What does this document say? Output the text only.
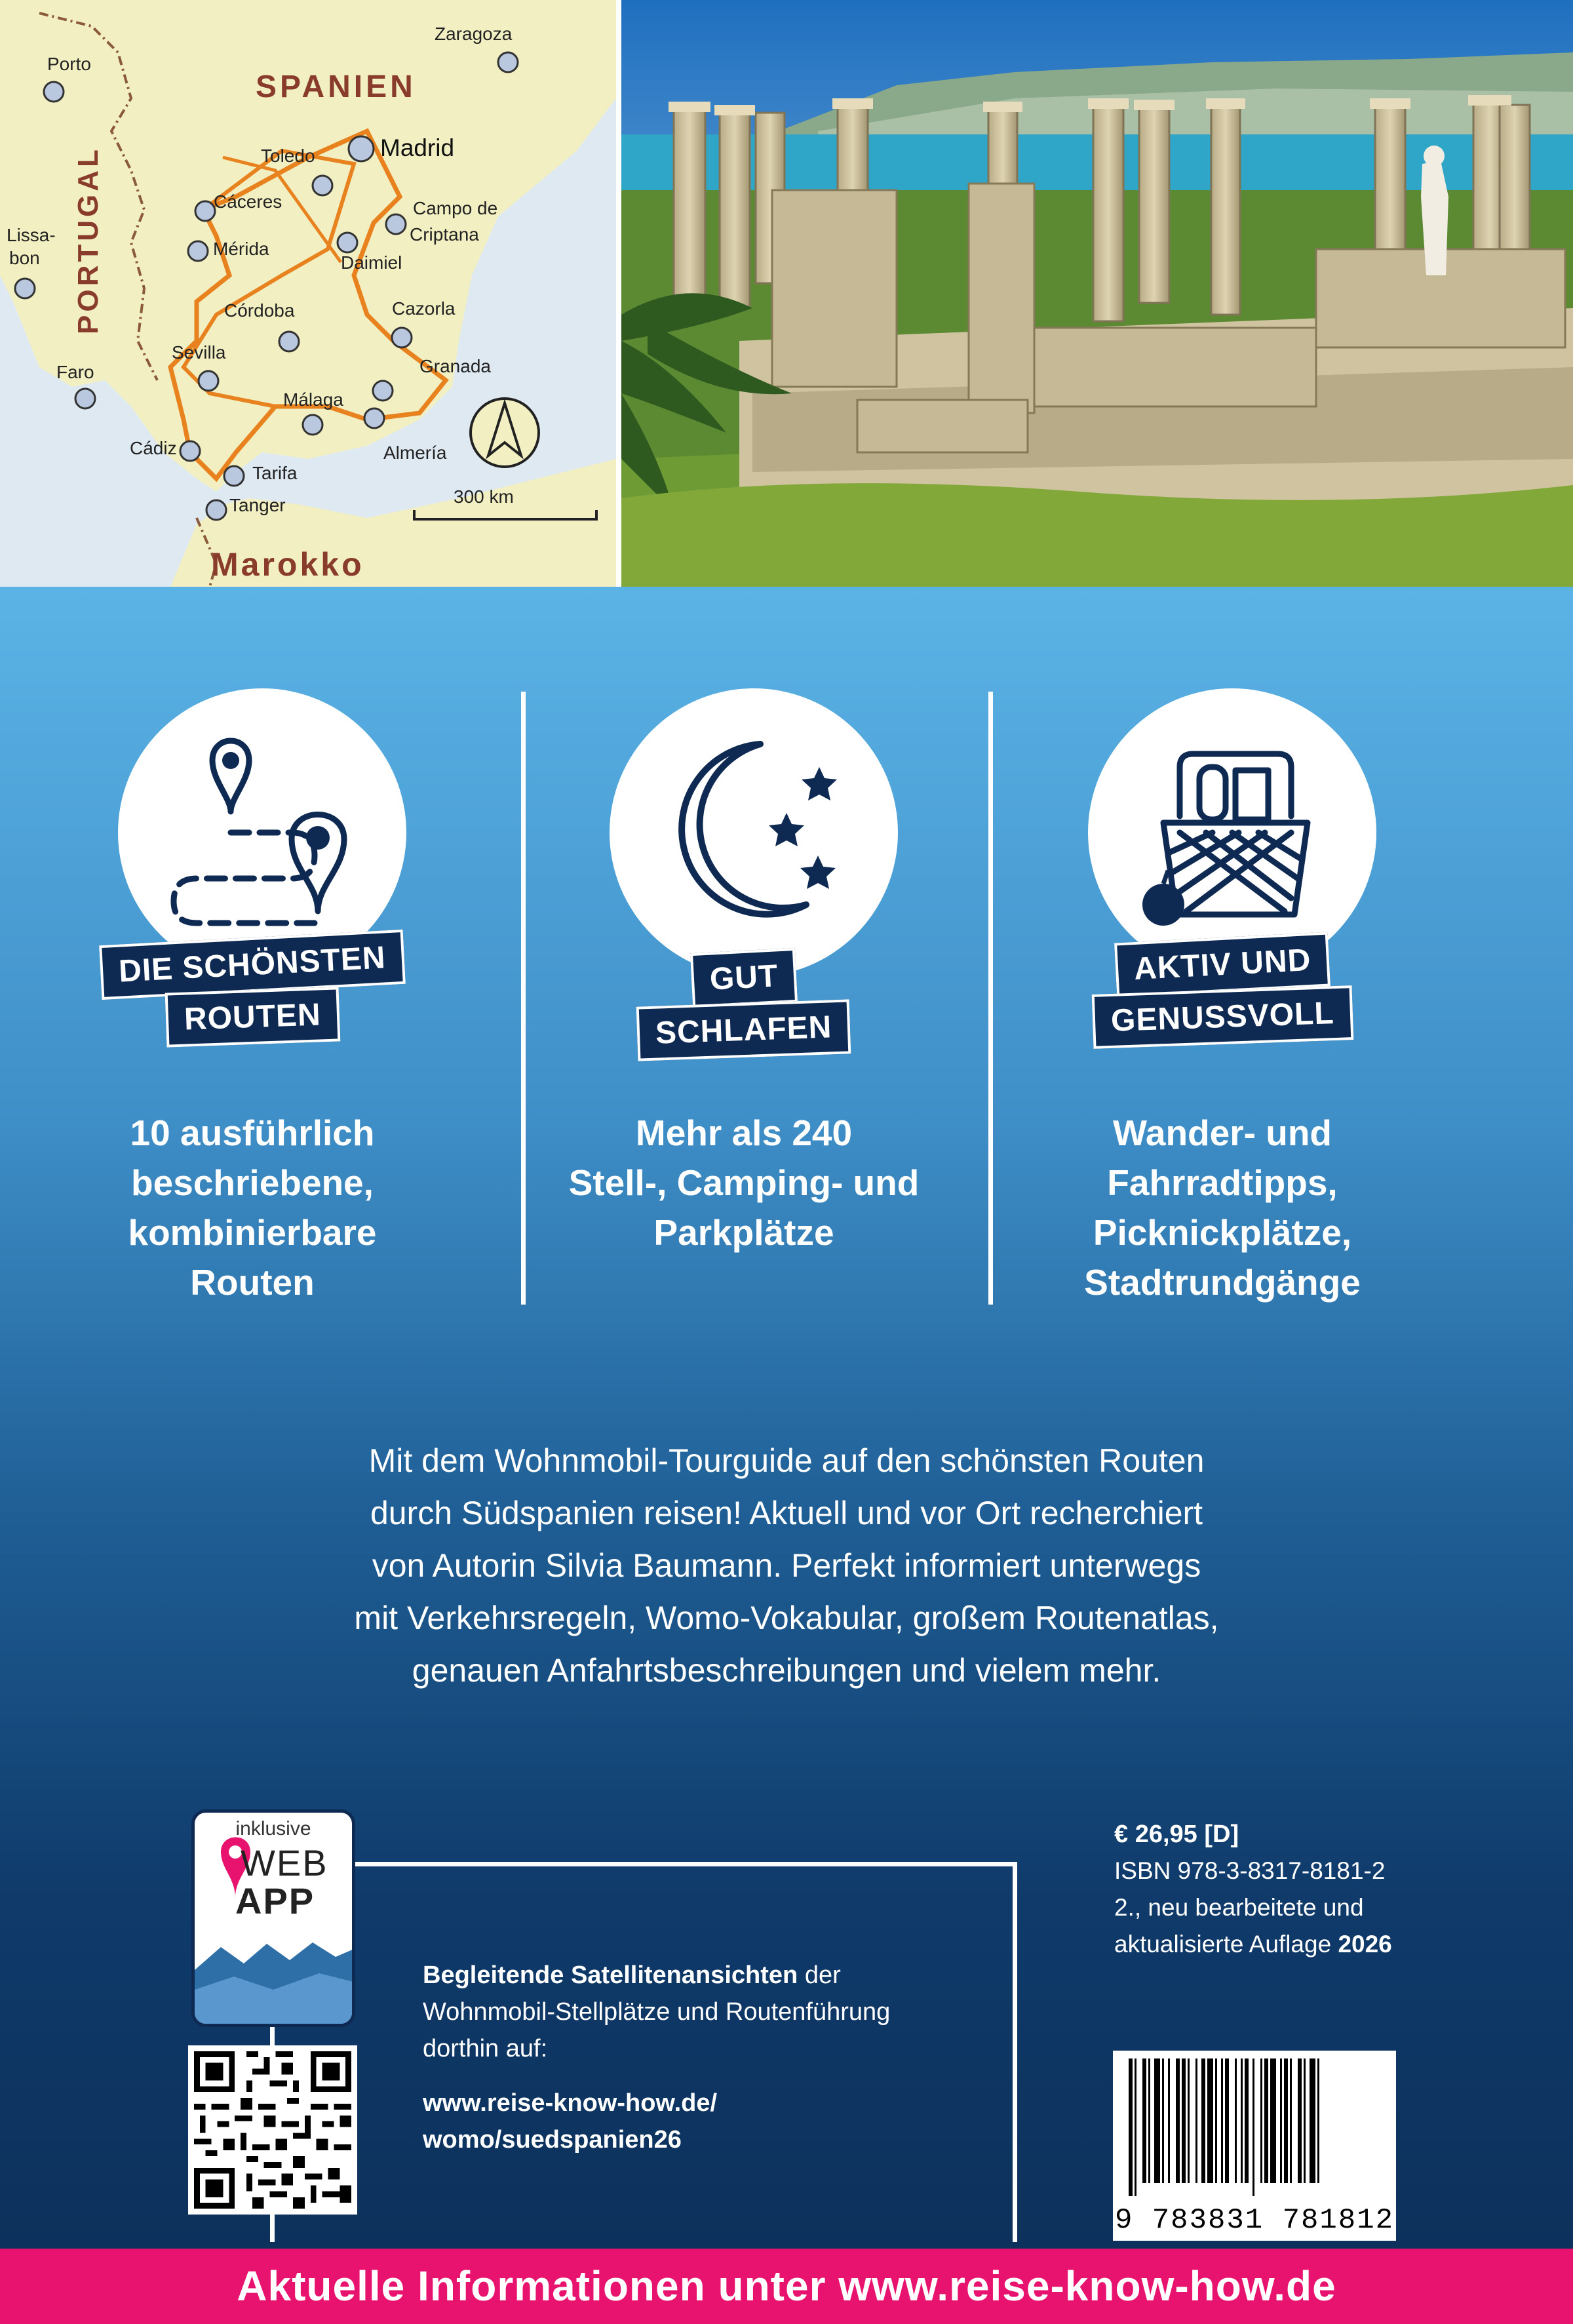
Zaragoza
SPANIEN
Porto
PORTUGAL	Madrid
Toledo
Cáceres	Campo de
Criptana
Lissa-
bon	Mérida
Daimiel
Córdoba	Cazorla
Sevilla
Granada
Faro
Málaga
Almería
Cádiz
Tarifa
Tanger	300 km
Marokko
DIE SCHÖNSTEN
ROUTEN
10 ausführlich
beschriebene,
kombinierbare
Routen
GUT
SCHLAFEN
Mehr als 240
Stell-, Camping- und
Parkplätze
AKTIV UND
GENUSSVOLL
Wander- und
Fahrradtipps,
Picknickplätze,
Stadtrundgänge
Mit dem Wohnmobil-Tourguide auf den schönsten Routen
durch Südspanien reisen! Aktuell und vor Ort recherchiert
von Autorin Silvia Baumann. Perfekt informiert unterwegs
mit Verkehrsregeln, Womo-Vokabular, großem Routenatlas,
genauen Anfahrtsbeschreibungen und vielem mehr.
inklusive
WEB
APP
Begleitende Satellitenansichten der
Wohnmobil-Stellplätze und Routenführung
dorthin auf:
www.reise-know-how.de/
womo/suedspanien26
€ 26,95 [D]
ISBN 978-3-8317-8181-2
2., neu bearbeitete und
aktualisierte Auflage 2026
9 783831 781812
Aktuelle Informationen unter www.reise-know-how.de
